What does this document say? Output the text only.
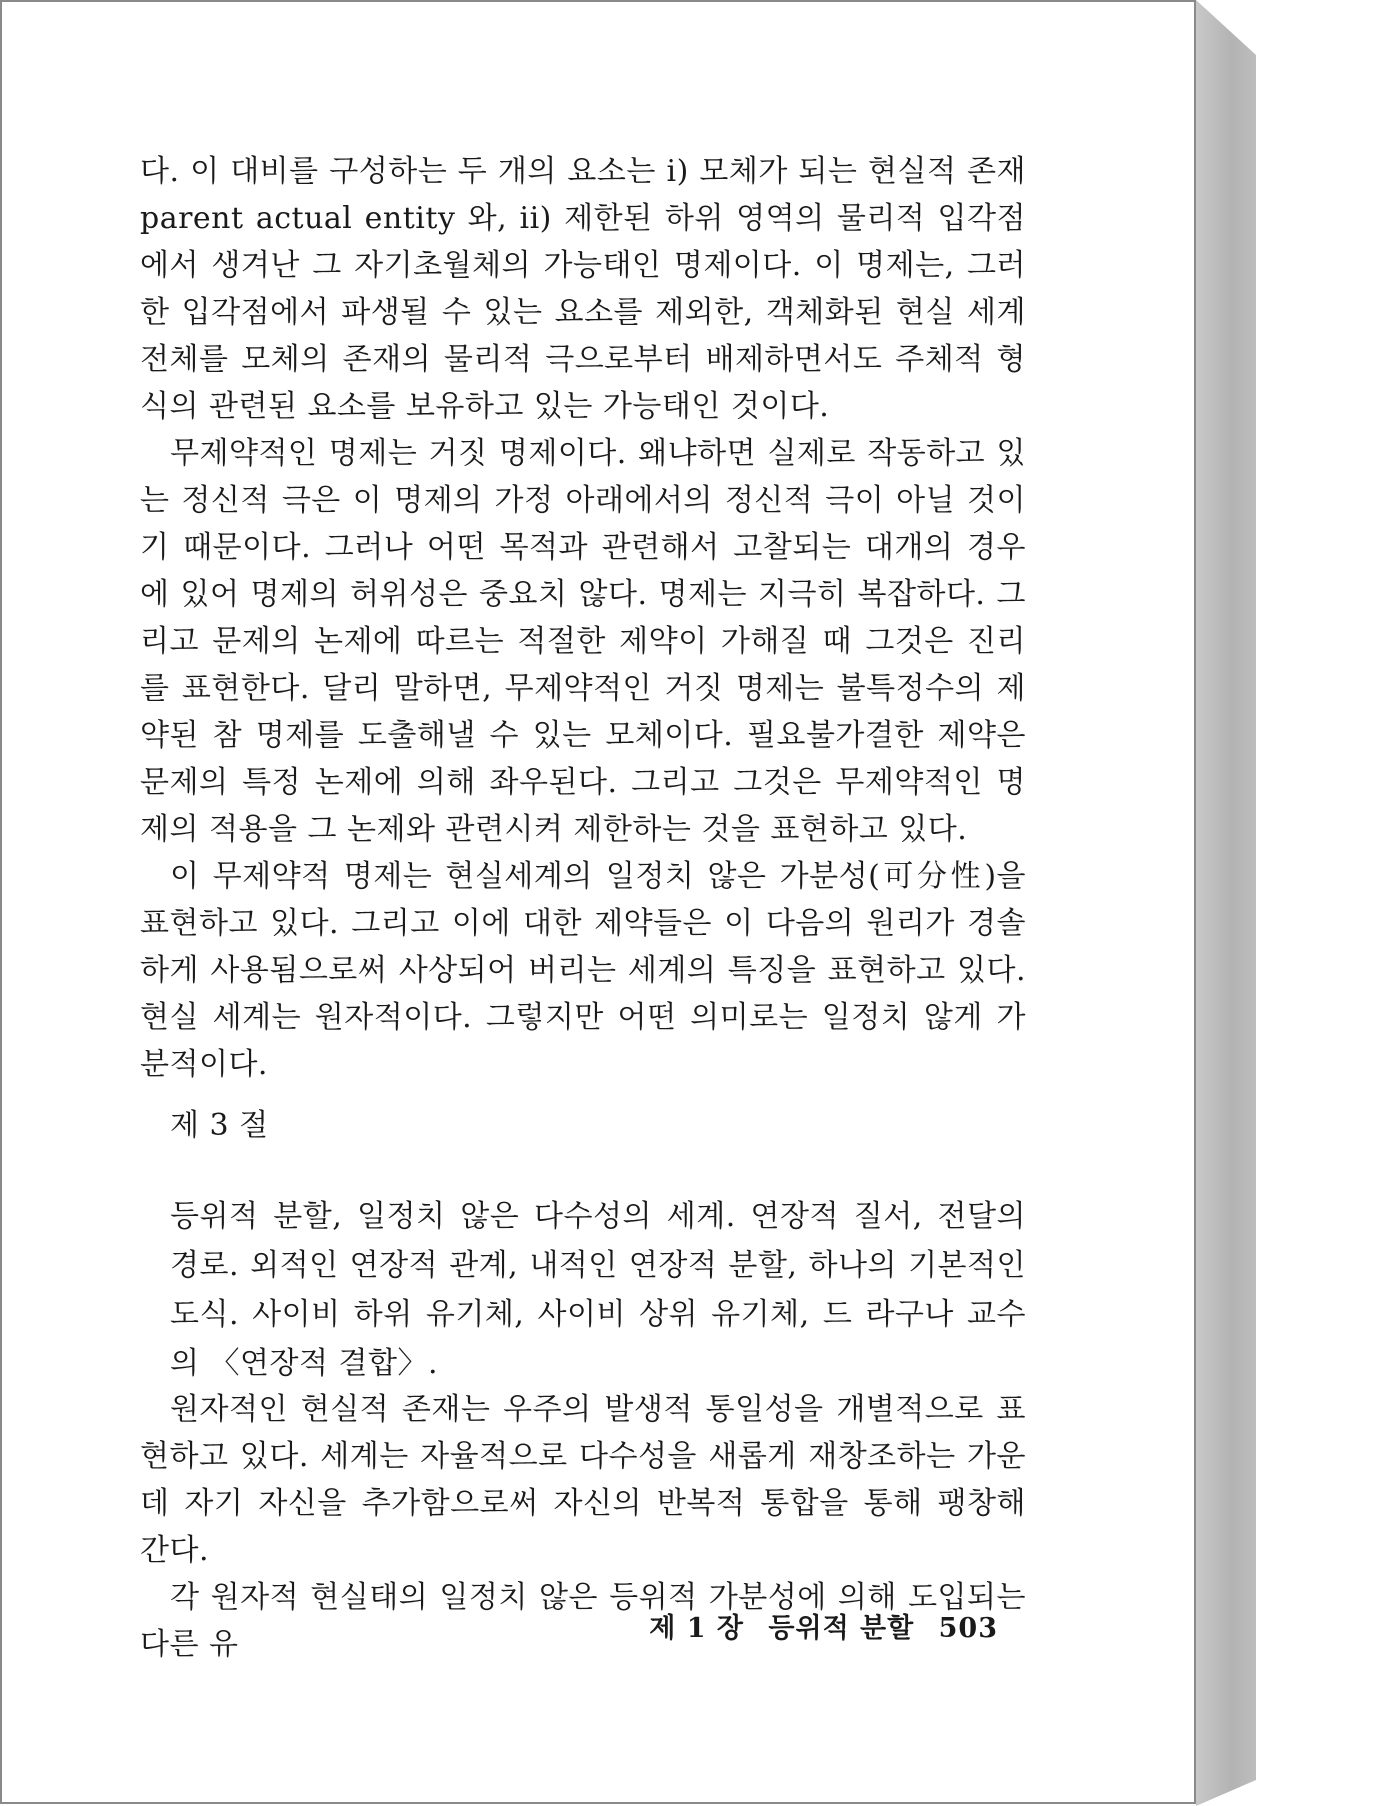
다. 이 대비를 구성하는 두 개의 요소는 i) 모체가 되는 현실적 존재 parent actual entity 와, ii) 제한된 하위 영역의 물리적 입각점에서 생겨난 그 자기초월체의 가능태인 명제이다. 이 명제는, 그러한 입각점에서 파생될 수 있는 요소를 제외한, 객체화된 현실 세계 전체를 모체의 존재의 물리적 극으로부터 배제하면서도 주체적 형식의 관련된 요소를 보유하고 있는 가능태인 것이다.

무제약적인 명제는 거짓 명제이다. 왜냐하면 실제로 작동하고 있는 정신적 극은 이 명제의 가정 아래에서의 정신적 극이 아닐 것이기 때문이다. 그러나 어떤 목적과 관련해서 고찰되는 대개의 경우에 있어 명제의 허위성은 중요치 않다. 명제는 지극히 복잡하다. 그리고 문제의 논제에 따르는 적절한 제약이 가해질 때 그것은 진리를 표현한다. 달리 말하면, 무제약적인 거짓 명제는 불특정수의 제약된 참 명제를 도출해낼 수 있는 모체이다. 필요불가결한 제약은 문제의 특정 논제에 의해 좌우된다. 그리고 그것은 무제약적인 명제의 적용을 그 논제와 관련시켜 제한하는 것을 표현하고 있다.

이 무제약적 명제는 현실세계의 일정치 않은 가분성(可分性)을 표현하고 있다. 그리고 이에 대한 제약들은 이 다음의 원리가 경솔하게 사용됨으로써 사상되어 버리는 세계의 특징을 표현하고 있다. 현실 세계는 원자적이다. 그렇지만 어떤 의미로는 일정치 않게 가분적이다.

제 3 절
등위적 분할, 일정치 않은 다수성의 세계. 연장적 질서, 전달의 경로. 외적인 연장적 관계, 내적인 연장적 분할, 하나의 기본적인 도식. 사이비 하위 유기체, 사이비 상위 유기체, 드 라구나 교수의 〈연장적 결합〉.

원자적인 현실적 존재는 우주의 발생적 통일성을 개별적으로 표현하고 있다. 세계는 자율적으로 다수성을 새롭게 재창조하는 가운데 자기 자신을 추가함으로써 자신의 반복적 통합을 통해 팽창해 간다.

각 원자적 현실태의 일정치 않은 등위적 가분성에 의해 도입되는 다른 유	제 1 장 등위적 분할 503
